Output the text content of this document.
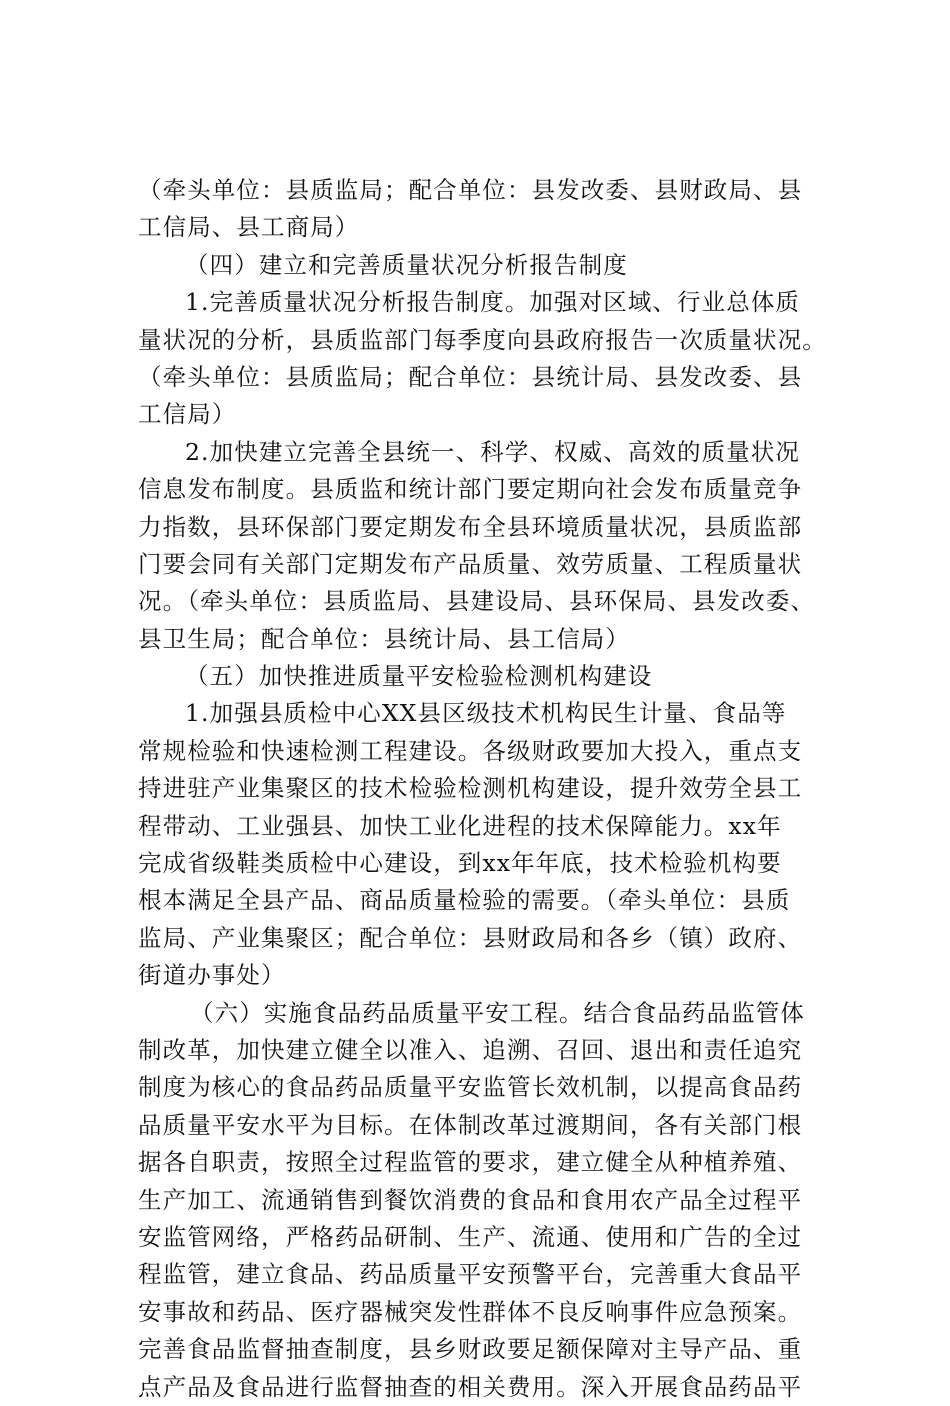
（牵头单位：县质监局；配合单位：县发改委、县财政局、县
工信局、县工商局）
（四）建立和完善质量状况分析报告制度
1.完善质量状况分析报告制度。加强对区域、行业总体质
量状况的分析，县质监部门每季度向县政府报告一次质量状况。
（牵头单位：县质监局；配合单位：县统计局、县发改委、县
工信局）
2.加快建立完善全县统一、科学、权威、高效的质量状况
信息发布制度。县质监和统计部门要定期向社会发布质量竞争
力指数，县环保部门要定期发布全县环境质量状况，县质监部
门要会同有关部门定期发布产品质量、效劳质量、工程质量状
况。（牵头单位：县质监局、县建设局、县环保局、县发改委、
县卫生局；配合单位：县统计局、县工信局）
（五）加快推进质量平安检验检测机构建设
1.加强县质检中心XX县区级技术机构民生计量、食品等
常规检验和快速检测工程建设。各级财政要加大投入，重点支
持进驻产业集聚区的技术检验检测机构建设，提升效劳全县工
程带动、工业强县、加快工业化进程的技术保障能力。xx年
完成省级鞋类质检中心建设，到xx年年底，技术检验机构要
根本满足全县产品、商品质量检验的需要。（牵头单位：县质
监局、产业集聚区；配合单位：县财政局和各乡（镇）政府、
街道办事处）
（六）实施食品药品质量平安工程。结合食品药品监管体
制改革，加快建立健全以准入、追溯、召回、退出和责任追究
制度为核心的食品药品质量平安监管长效机制，以提高食品药
品质量平安水平为目标。在体制改革过渡期间，各有关部门根
据各自职责，按照全过程监管的要求，建立健全从种植养殖、
生产加工、流通销售到餐饮消费的食品和食用农产品全过程平
安监管网络，严格药品研制、生产、流通、使用和广告的全过
程监管，建立食品、药品质量平安预警平台，完善重大食品平
安事故和药品、医疗器械突发性群体不良反响事件应急预案。
完善食品监督抽查制度，县乡财政要足额保障对主导产品、重
点产品及食品进行监督抽查的相关费用。深入开展食品药品平
